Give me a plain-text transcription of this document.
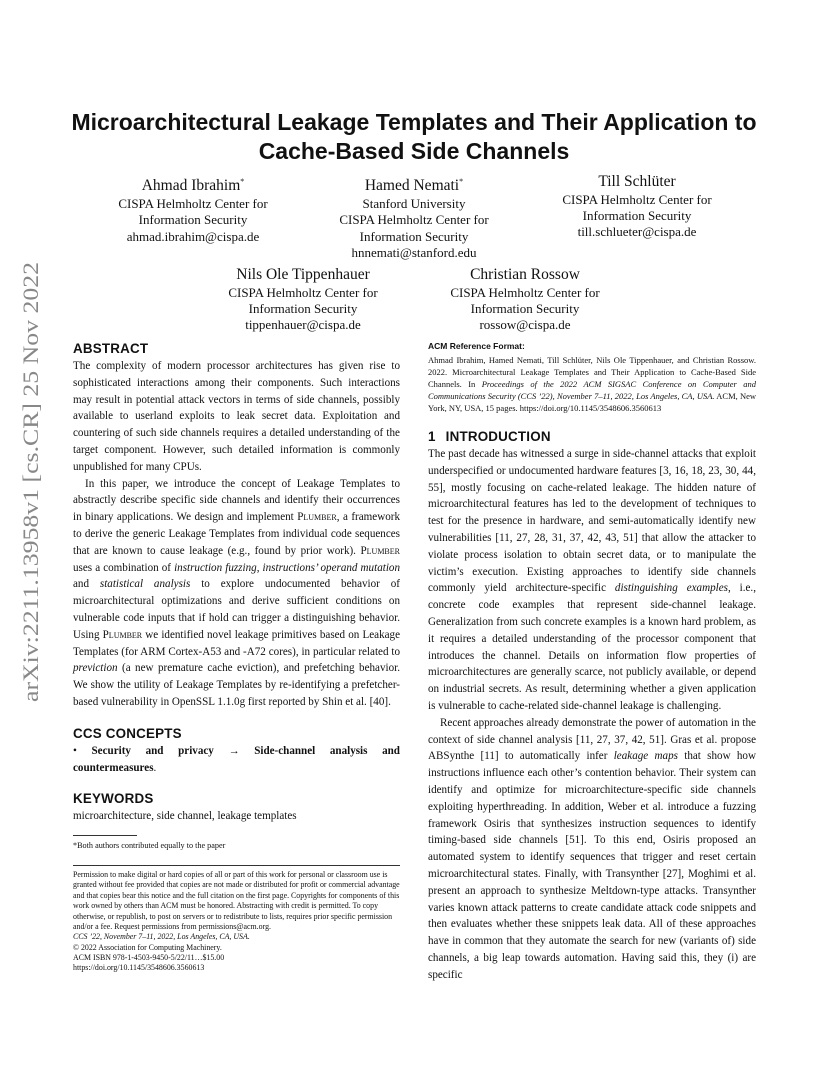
arXiv:2211.13958v1 [cs.CR] 25 Nov 2022
Microarchitectural Leakage Templates and Their Application to
Cache-Based Side Channels
Ahmad Ibrahim*
CISPA Helmholtz Center for
Information Security
ahmad.ibrahim@cispa.de
Hamed Nemati*
Stanford University
CISPA Helmholtz Center for
Information Security
hnnemati@stanford.edu
Till Schlüter
CISPA Helmholtz Center for
Information Security
till.schlueter@cispa.de
Nils Ole Tippenhauer
CISPA Helmholtz Center for
Information Security
tippenhauer@cispa.de
Christian Rossow
CISPA Helmholtz Center for
Information Security
rossow@cispa.de
ABSTRACT

The complexity of modern processor architectures has given rise to sophisticated interactions among their components. Such interactions may result in potential attack vectors in terms of side channels, possibly available to userland exploits to leak secret data. Exploitation and countering of such side channels requires a detailed understanding of the target component. However, such detailed information is commonly unpublished for many CPUs.

In this paper, we introduce the concept of Leakage Templates to abstractly describe specific side channels and identify their occurrences in binary applications. We design and implement Plumber, a framework to derive the generic Leakage Templates from individual code sequences that are known to cause leakage (e.g., found by prior work). Plumber uses a combination of instruction fuzzing, instructions’ operand mutation and statistical analysis to explore undocumented behavior of microarchitectural optimizations and derive sufficient conditions on vulnerable code inputs that if hold can trigger a distinguishing behavior. Using Plumber we identified novel leakage primitives based on Leakage Templates (for ARM Cortex-A53 and -A72 cores), in particular related to previction (a new premature cache eviction), and prefetching behavior. We show the utility of Leakage Templates by re-identifying a prefetcher-based vulnerability in OpenSSL 1.1.0g first reported by Shin et al. [40].

CCS CONCEPTS
• Security and privacy → Side-channel analysis and countermeasures.
KEYWORDS

microarchitecture, side channel, leakage templates

*Both authors contributed equally to the paper
Permission to make digital or hard copies of all or part of this work for personal or classroom use is granted without fee provided that copies are not made or distributed for profit or commercial advantage and that copies bear this notice and the full citation on the first page. Copyrights for components of this work owned by others than ACM must be honored. Abstracting with credit is permitted. To copy otherwise, or republish, to post on servers or to redistribute to lists, requires prior specific permission and/or a fee. Request permissions from permissions@acm.org.
CCS ’22, November 7–11, 2022, Los Angeles, CA, USA.
© 2022 Association for Computing Machinery.
ACM ISBN 978-1-4503-9450-5/22/11…$15.00
https://doi.org/10.1145/3548606.3560613
ACM Reference Format:
Ahmad Ibrahim, Hamed Nemati, Till Schlüter, Nils Ole Tippenhauer, and Christian Rossow. 2022. Microarchitectural Leakage Templates and Their Application to Cache-Based Side Channels. In Proceedings of the 2022 ACM SIGSAC Conference on Computer and Communications Security (CCS ’22), November 7–11, 2022, Los Angeles, CA, USA. ACM, New York, NY, USA, 15 pages. https://doi.org/10.1145/3548606.3560613
1 INTRODUCTION

The past decade has witnessed a surge in side-channel attacks that exploit underspecified or undocumented hardware features [3, 16, 18, 23, 30, 44, 55], mostly focusing on cache-related leakage. The hidden nature of microarchitectural features has led to the development of techniques to test for the presence in hardware, and semi-automatically identify new vulnerabilities [11, 27, 28, 31, 37, 42, 43, 51] that allow the attacker to violate process isolation to obtain secret data, or to manipulate the victim’s execution. Existing approaches to identify side channels commonly yield architecture-specific distinguishing examples, i.e., concrete code examples that represent side-channel leakage. Generalization from such concrete examples is a known hard problem, as it requires a detailed understanding of the processor component that introduces the channel. Details on information flow properties of microarchitectures are generally scarce, not publicly available, or depend on industrial secrets. As result, determining whether a given application is vulnerable to cache-related side-channel leakage is challenging.

Recent approaches already demonstrate the power of automation in the context of side channel analysis [11, 27, 37, 42, 51]. Gras et al. propose ABSynthe [11] to automatically infer leakage maps that show how instructions influence each other’s contention behavior. Their system can identify and optimize for microarchitecture-specific side channels exploiting hyperthreading. In addition, Weber et al. introduce a fuzzing framework Osiris that synthesizes instruction sequences to identify timing-based side channels [51]. To this end, Osiris proposed an automated system to identify sequences that trigger and reset certain microarchitectural states. Finally, with Transynther [27], Moghimi et al. present an approach to synthesize Meltdown-type attacks. Transynther varies known attack patterns to create candidate attack code snippets and then evaluates whether these snippets leak data. All of these approaches have in common that they automate the search for new (variants of) side channels, a big leap towards automation. Having said this, they (i) are specific
